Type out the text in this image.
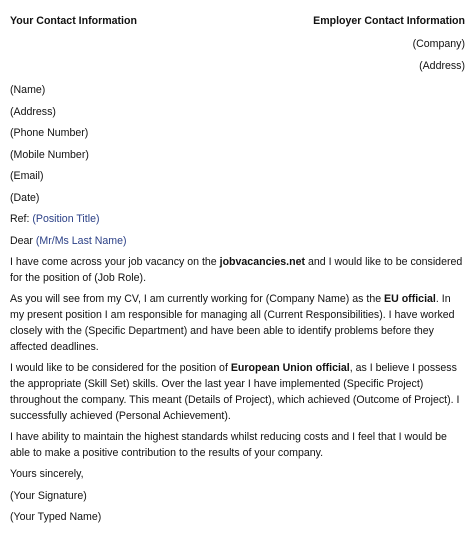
Your Contact Information	Employer Contact Information
(Company)
(Address)
(Name)
(Address)
(Phone Number)
(Mobile Number)
(Email)
(Date)
Ref: (Position Title)
Dear (Mr/Ms Last Name)

I have come across your job vacancy on the jobvacancies.net and I would like to be considered for the position of (Job Role).

As you will see from my CV, I am currently working for (Company Name) as the EU official. In my present position I am responsible for managing all (Current Responsibilities). I have worked closely with the (Specific Department) and have been able to identify problems before they affected deadlines.

I would like to be considered for the position of European Union official, as I believe I possess the appropriate (Skill Set) skills. Over the last year I have implemented (Specific Project) throughout the company. This meant (Details of Project), which achieved (Outcome of Project). I successfully achieved (Personal Achievement).

I have ability to maintain the highest standards whilst reducing costs and I feel that I would be able to make a positive contribution to the results of your company.

Yours sincerely,
(Your Signature)
(Your Typed Name)
